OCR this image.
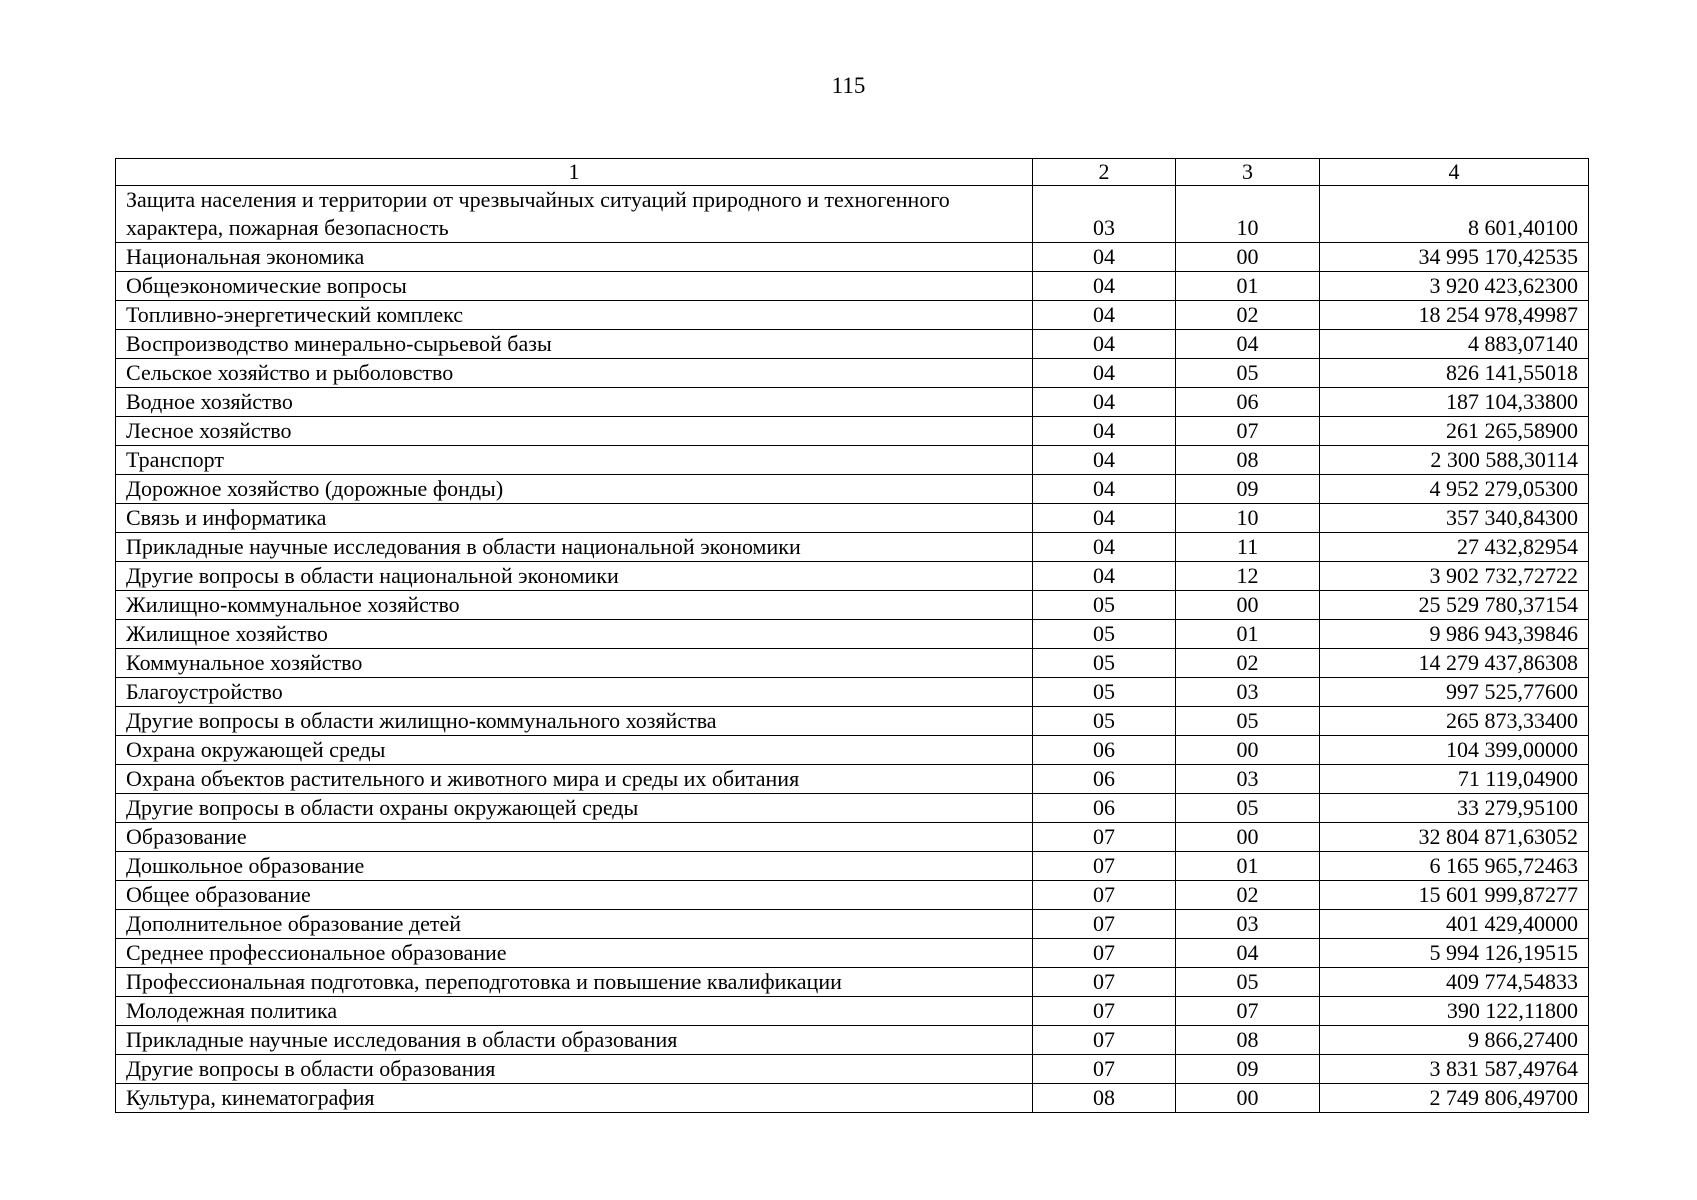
115
1	2	3	4
Защита населения и территории от чрезвычайных ситуаций природного и техногенного характера, пожарная безопасность	03	10	8 601,40100
Национальная экономика	04	00	34 995 170,42535
Общеэкономические вопросы	04	01	3 920 423,62300
Топливно-энергетический комплекс	04	02	18 254 978,49987
Воспроизводство минерально-сырьевой базы	04	04	4 883,07140
Сельское хозяйство и рыболовство	04	05	826 141,55018
Водное хозяйство	04	06	187 104,33800
Лесное хозяйство	04	07	261 265,58900
Транспорт	04	08	2 300 588,30114
Дорожное хозяйство (дорожные фонды)	04	09	4 952 279,05300
Связь и информатика	04	10	357 340,84300
Прикладные научные исследования в области национальной экономики	04	11	27 432,82954
Другие вопросы в области национальной экономики	04	12	3 902 732,72722
Жилищно-коммунальное хозяйство	05	00	25 529 780,37154
Жилищное хозяйство	05	01	9 986 943,39846
Коммунальное хозяйство	05	02	14 279 437,86308
Благоустройство	05	03	997 525,77600
Другие вопросы в области жилищно-коммунального хозяйства	05	05	265 873,33400
Охрана окружающей среды	06	00	104 399,00000
Охрана объектов растительного и животного мира и среды их обитания	06	03	71 119,04900
Другие вопросы в области охраны окружающей среды	06	05	33 279,95100
Образование	07	00	32 804 871,63052
Дошкольное образование	07	01	6 165 965,72463
Общее образование	07	02	15 601 999,87277
Дополнительное образование детей	07	03	401 429,40000
Среднее профессиональное образование	07	04	5 994 126,19515
Профессиональная подготовка, переподготовка и повышение квалификации	07	05	409 774,54833
Молодежная политика	07	07	390 122,11800
Прикладные научные исследования в области образования	07	08	9 866,27400
Другие вопросы в области образования	07	09	3 831 587,49764
Культура, кинематография	08	00	2 749 806,49700
